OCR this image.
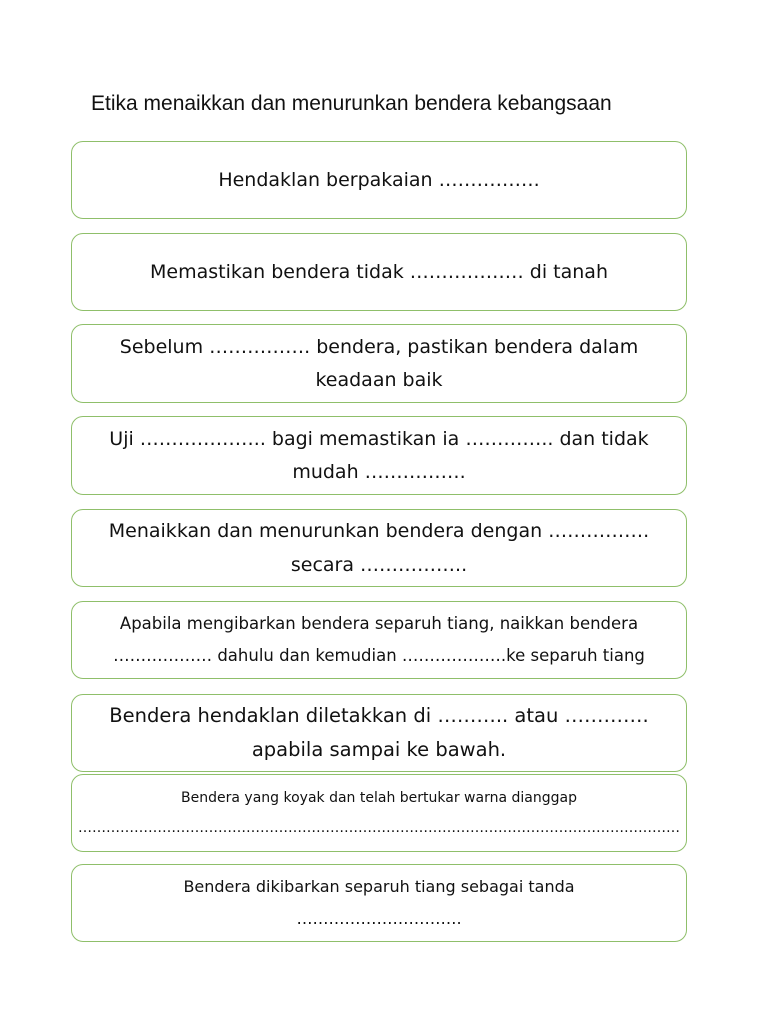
Etika menaikkan dan menurunkan bendera kebangsaan
Hendaklan berpakaian …………….
Memastikan bendera tidak ……………… di tanah
Sebelum ……………. bendera, pastikan bendera dalam
keadaan baik
Uji ……………….. bagi memastikan ia ………….. dan tidak
mudah …………….
Menaikkan dan menurunkan bendera dengan …………….
secara ……………..
Apabila mengibarkan bendera separuh tiang, naikkan bendera
……………… dahulu dan kemudian ……………….ke separuh tiang
Bendera hendaklan diletakkan di ……….. atau ………….
apabila sampai ke bawah.
Bendera yang koyak dan telah bertukar warna dianggap
…………………………………………………………………………………………………………………
Bendera dikibarkan separuh tiang sebagai tanda
………………………….
